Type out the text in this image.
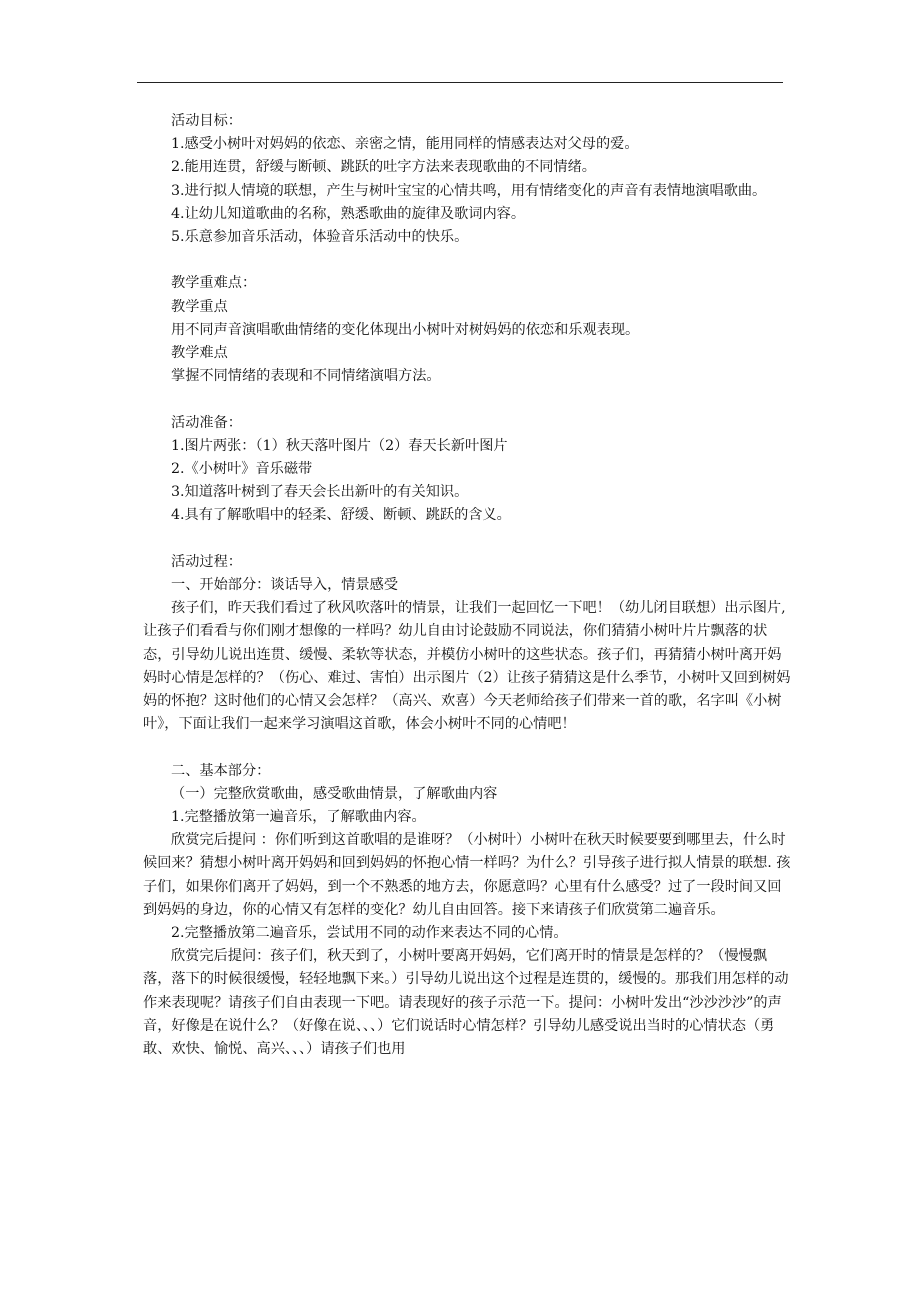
活动目标：

1.感受小树叶对妈妈的依恋、亲密之情，能用同样的情感表达对父母的爱。

2.能用连贯，舒缓与断顿、跳跃的吐字方法来表现歌曲的不同情绪。

3.进行拟人情境的联想，产生与树叶宝宝的心情共鸣，用有情绪变化的声音有表情地演唱歌曲。

4.让幼儿知道歌曲的名称，熟悉歌曲的旋律及歌词内容。

5.乐意参加音乐活动，体验音乐活动中的快乐。

教学重难点：

教学重点

用不同声音演唱歌曲情绪的变化体现出小树叶对树妈妈的依恋和乐观表现。

教学难点

掌握不同情绪的表现和不同情绪演唱方法。

活动准备：

1.图片两张：（1）秋天落叶图片（2）春天长新叶图片

2.《小树叶》音乐磁带

3.知道落叶树到了春天会长出新叶的有关知识。

4.具有了解歌唱中的轻柔、舒缓、断顿、跳跃的含义。

活动过程：

一、开始部分：谈话导入，情景感受

孩子们，昨天我们看过了秋风吹落叶的情景，让我们一起回忆一下吧！（幼儿闭目联想）出示图片,让孩子们看看与你们刚才想像的一样吗？幼儿自由讨论鼓励不同说法，你们猜猜小树叶片片飘落的状态，引导幼儿说出连贯、缓慢、柔软等状态，并模仿小树叶的这些状态。孩子们，再猜猜小树叶离开妈妈时心情是怎样的？（伤心、难过、害怕）出示图片（2）让孩子猜猜这是什么季节，小树叶又回到树妈妈的怀抱？这时他们的心情又会怎样？（高兴、欢喜）今天老师给孩子们带来一首的歌，名字叫《小树叶》，下面让我们一起来学习演唱这首歌，体会小树叶不同的心情吧！

二、基本部分：

（一）完整欣赏歌曲，感受歌曲情景，了解歌曲内容

1.完整播放第一遍音乐，了解歌曲内容。

欣赏完后提问 ：你们听到这首歌唱的是谁呀？（小树叶）小树叶在秋天时候要要到哪里去，什么时候回来？猜想小树叶离开妈妈和回到妈妈的怀抱心情一样吗？为什么？引导孩子进行拟人情景的联想. 孩子们，如果你们离开了妈妈，到一个不熟悉的地方去，你愿意吗？心里有什么感受？过了一段时间又回到妈妈的身边，你的心情又有怎样的变化？幼儿自由回答。接下来请孩子们欣赏第二遍音乐。

2.完整播放第二遍音乐，尝试用不同的动作来表达不同的心情。

欣赏完后提问：孩子们，秋天到了，小树叶要离开妈妈，它们离开时的情景是怎样的？（慢慢飘落，落下的时候很缓慢，轻轻地飘下来。）引导幼儿说出这个过程是连贯的，缓慢的。那我们用怎样的动作来表现呢？请孩子们自由表现一下吧。请表现好的孩子示范一下。提问：小树叶发出“沙沙沙沙”的声音，好像是在说什么？（好像在说、、、）它们说话时心情怎样？引导幼儿感受说出当时的心情状态（勇敢、欢快、愉悦、高兴、、、）请孩子们也用
